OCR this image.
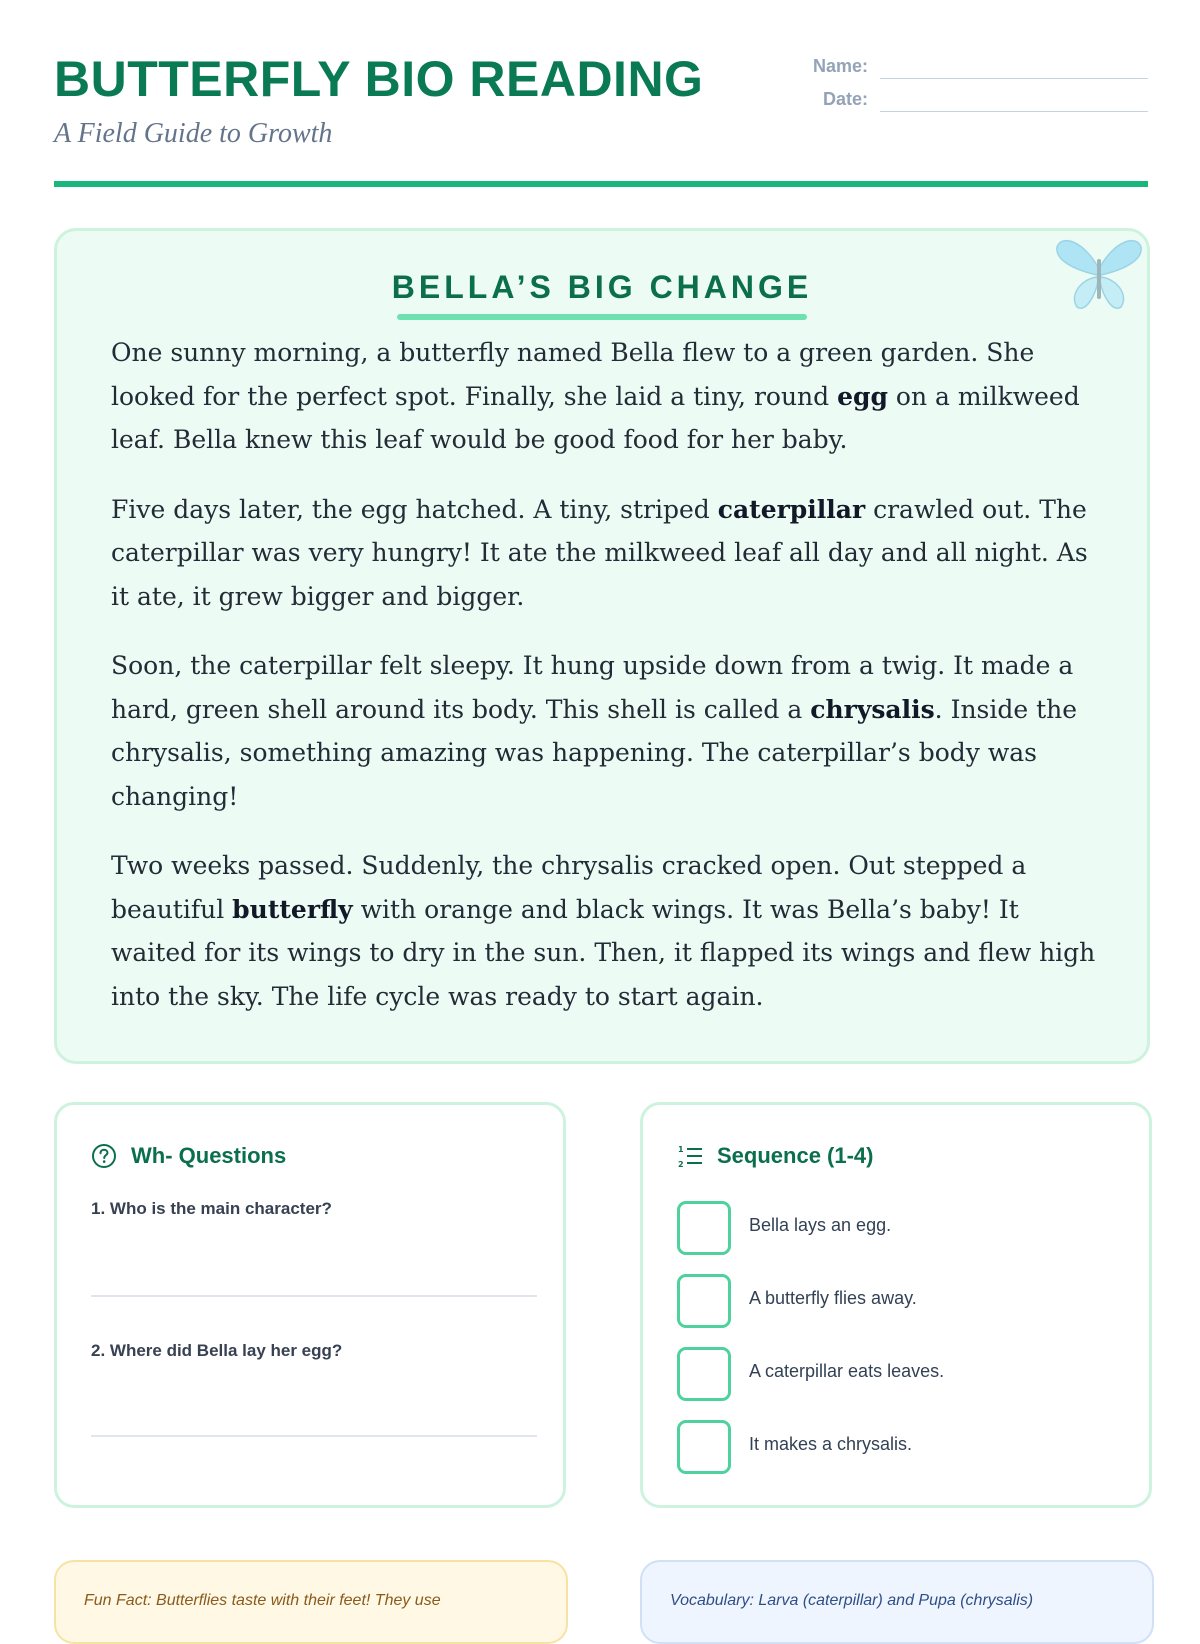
BUTTERFLY BIO READING
A Field Guide to Growth
Name:
Date:
BELLA’S BIG CHANGE

One sunny morning, a butterfly named Bella flew to a green garden. She looked for the perfect spot. Finally, she laid a tiny, round egg on a milkweed leaf. Bella knew this leaf would be good food for her baby.

Five days later, the egg hatched. A tiny, striped caterpillar crawled out. The caterpillar was very hungry! It ate the milkweed leaf all day and all night. As it ate, it grew bigger and bigger.

Soon, the caterpillar felt sleepy. It hung upside down from a twig. It made a hard, green shell around its body. This shell is called a chrysalis. Inside the chrysalis, something amazing was happening. The caterpillar’s body was changing!

Two weeks passed. Suddenly, the chrysalis cracked open. Out stepped a beautiful butterfly with orange and black wings. It was Bella’s baby! It waited for its wings to dry in the sun. Then, it flapped its wings and flew high into the sky. The life cycle was ready to start again.

Wh- Questions
1. Who is the main character?
2. Where did Bella lay her egg?
1
2 Sequence (1-4)
Bella lays an egg.
A butterfly flies away.
A caterpillar eats leaves.
It makes a chrysalis.
Fun Fact: Butterflies taste with their feet! They use	Vocabulary: Larva (caterpillar) and Pupa (chrysalis)
